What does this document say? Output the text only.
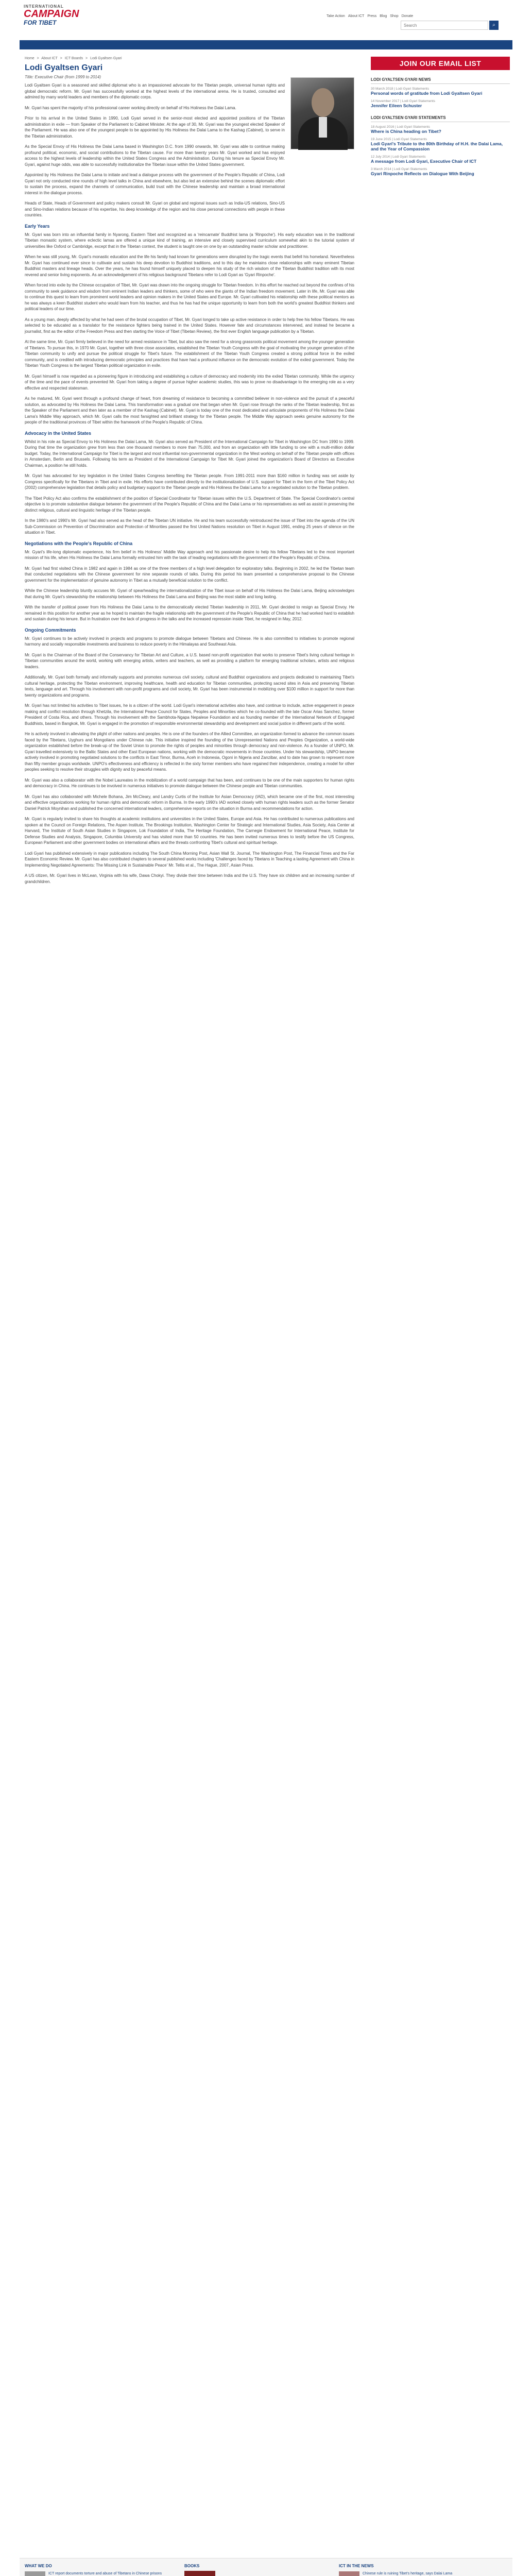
INTERNATIONAL
CAMPAIGN
FOR TIBET
Take Action About ICT Press Blog Shop Donate
Search
⌕
Home > About ICT > ICT Boards > Lodi Gyaltsen Gyari
Lodi Gyaltsen Gyari
Title: Executive Chair (from 1999 to 2014)

Lodi Gyaltsen Gyari is a seasoned and skilled diplomat who is an impassioned advocate for the Tibetan people, universal human rights and global democratic reform. Mr. Gyari has successfully worked at the highest levels of the international arena. He is trusted, consulted and admired by many world leaders and members of the diplomatic corps.

Mr. Gyari has spent the majority of his professional career working directly on behalf of His Holiness the Dalai Lama.

Prior to his arrival in the United States in 1990, Lodi Gyari served in the senior-most elected and appointed positions of the Tibetan administration in exile — from Speaker of the Parliament to Cabinet Minister. At the age of 30, Mr. Gyari was the youngest elected Speaker of the Parliament. He was also one of the youngest people to be appointed by His Holiness the Dalai Lama to the Kashag (Cabinet), to serve in the Tibetan administration.

As the Special Envoy of His Holiness the Dalai Lama based in Washington D.C. from 1990 onwards, Mr. Gyari was able to continue making profound political, economic, and social contributions to the Tibetan cause. For more than twenty years Mr. Gyari worked and has enjoyed access to the highest levels of leadership within the United States Congress and the Administration. During his tenure as Special Envoy Mr. Gyari, against huge odds, was able to successfully institutionalize the Tibetan issue within the United States government.

Appointed by His Holiness the Dalai Lama to initiate and lead a dialogue process with the government of the People's Republic of China, Lodi Gyari not only conducted nine rounds of high level talks in China and elsewhere, but also led an extensive behind the scenes diplomatic effort to sustain the process, expand the channels of communication, build trust with the Chinese leadership and maintain a broad international interest in the dialogue process.

Heads of State, Heads of Government and policy makers consult Mr. Gyari on global and regional issues such as India-US relations, Sino-US and Sino-Indian relations because of his expertise, his deep knowledge of the region and his close personal connections with people in these countries.

Early Years

Mr. Gyari was born into an influential family in Nyarong, Eastern Tibet and recognized as a 'reincarnate' Buddhist lama (a 'Rinpoche'). His early education was in the traditional Tibetan monastic system, where eclectic lamas are offered a unique kind of training, an intensive and closely supervised curriculum somewhat akin to the tutorial system of universities like Oxford or Cambridge, except that in the Tibetan context, the student is taught one on one by an outstanding master scholar and practitioner.

When he was still young, Mr. Gyari's monastic education and the life his family had known for generations were disrupted by the tragic events that befell his homeland. Nevertheless Mr. Gyari has continued ever since to cultivate and sustain his deep devotion to Buddhist traditions, and to this day he maintains close relationships with many eminent Tibetan Buddhist masters and lineage heads. Over the years, he has found himself uniquely placed to deepen his study of the rich wisdom of the Tibetan Buddhist tradition with its most revered and senior living exponents. As an acknowledgement of his religious background Tibetans refer to Lodi Gyari as 'Gyari Rinpoche'.

When forced into exile by the Chinese occupation of Tibet, Mr. Gyari was drawn into the ongoing struggle for Tibetan freedom. In this effort he reached out beyond the confines of his community to seek guidance and wisdom from eminent Indian leaders and thinkers, some of who were the giants of the Indian freedom movement. Later in life, Mr. Gyari was able to continue this quest to learn from prominent world leaders and opinion makers in the United States and Europe. Mr. Gyari cultivated his relationship with these political mentors as he was always a keen Buddhist student who would learn from his teacher, and thus he has had the unique opportunity to learn from both the world's greatest Buddhist thinkers and political leaders of our time.

As a young man, deeply affected by what he had seen of the brutal occupation of Tibet, Mr. Gyari longed to take up active resistance in order to help free his fellow Tibetans. He was selected to be educated as a translator for the resistance fighters being trained in the United States. However fate and circumstances intervened, and instead he became a journalist, first as the editor of the Freedom Press and then starting the Voice of Tibet (Tibetan Review), the first ever English language publication by a Tibetan.

At the same time, Mr. Gyari firmly believed in the need for armed resistance in Tibet, but also saw the need for a strong grassroots political movement among the younger generation of Tibetans. To pursue this, in 1970 Mr. Gyari, together with three close associates, established the Tibetan Youth Congress with the goal of motivating the younger generation of the Tibetan community to unify and pursue the political struggle for Tibet's future. The establishment of the Tibetan Youth Congress created a strong political force in the exiled community, and is credited with introducing democratic principles and practices that have had a profound influence on the democratic evolution of the exiled government. Today the Tibetan Youth Congress is the largest Tibetan political organization in exile.

Mr. Gyari himself is now regarded as a pioneering figure in introducing and establishing a culture of democracy and modernity into the exiled Tibetan community. While the urgency of the time and the pace of events prevented Mr. Gyari from taking a degree of pursue higher academic studies, this was to prove no disadvantage to the emerging role as a very effective and respected statesman.

As he matured, Mr. Gyari went through a profound change of heart, from dreaming of resistance to becoming a committed believer in non-violence and the pursuit of a peaceful solution, as advocated by His Holiness the Dalai Lama. This transformation was a gradual one that began when Mr. Gyari rose through the ranks of the Tibetan leadership, first as the Speaker of the Parliament and then later as a member of the Kashag (Cabinet). Mr. Gyari is today one of the most dedicated and articulate proponents of His Holiness the Dalai Lama's Middle Way approach, which Mr. Gyari calls the most farsighted and brilliant strategy for the Tibetan people. The Middle Way approach seeks genuine autonomy for the people of the traditional provinces of Tibet within the framework of the People's Republic of China.

Advocacy in the United States

Whilst in his role as Special Envoy to His Holiness the Dalai Lama, Mr. Gyari also served as President of the International Campaign for Tibet in Washington DC from 1990 to 1999. During that time the organization grew from less than one thousand members to more than 75,000, and from an organization with little funding to one with a multi-million dollar budget. Today, the International Campaign for Tibet is the largest and most influential non-governmental organization in the West working on behalf of the Tibetan people with offices in Amsterdam, Berlin and Brussels. Following his term as President of the International Campaign for Tibet Mr. Gyari joined the organization's Board of Directors as Executive Chairman, a position he still holds.

Mr. Gyari has advocated for key legislation in the United States Congress benefiting the Tibetan people. From 1991-2011 more than $160 million in funding was set aside by Congress specifically for the Tibetans in Tibet and in exile. His efforts have contributed directly to the institutionalization of U.S. support for Tibet in the form of the Tibet Policy Act (2002) comprehensive legislation that details policy and budgetary support to the Tibetan people and His Holiness the Dalai Lama for a negotiated solution to the Tibetan problem.

The Tibet Policy Act also confirms the establishment of the position of Special Coordinator for Tibetan issues within the U.S. Department of State. The Special Coordinator's central objective is to promote substantive dialogue between the government of the People's Republic of China and the Dalai Lama or his representatives as well as assist in preserving the distinct religious, cultural and linguistic heritage of the Tibetan people.

In the 1980's and 1990's Mr. Gyari had also served as the head of the Tibetan UN initiative. He and his team successfully reintroduced the issue of Tibet into the agenda of the UN Sub-Commission on Prevention of Discrimination and Protection of Minorities passed the first United Nations resolution on Tibet in August 1991, ending 25 years of silence on the situation in Tibet.

Negotiations with the People's Republic of China

Mr. Gyari's life-long diplomatic experience, his firm belief in His Holiness' Middle Way approach and his passionate desire to help his fellow Tibetans led to the most important mission of his life, when His Holiness the Dalai Lama formally entrusted him with the task of leading negotiations with the government of the People's Republic of China.

Mr. Gyari had first visited China in 1982 and again in 1984 as one of the three members of a high level delegation for exploratory talks. Beginning in 2002, he led the Tibetan team that conducted negotiations with the Chinese government for nine separate rounds of talks. During this period his team presented a comprehensive proposal to the Chinese government for the implementation of genuine autonomy in Tibet as a mutually beneficial solution to the conflict.

While the Chinese leadership bluntly accuses Mr. Gyari of spearheading the internationalization of the Tibet issue on behalf of His Holiness the Dalai Lama, Beijing acknowledges that during Mr. Gyari's stewardship the relationship between His Holiness the Dalai Lama and Beijing was the most stable and long lasting.

With the transfer of political power from His Holiness the Dalai Lama to the democratically elected Tibetan leadership in 2011, Mr. Gyari decided to resign as Special Envoy. He remained in this position for another year as he hoped to maintain the fragile relationship with the government of the People's Republic of China that he had worked hard to establish and sustain during his tenure. But in frustration over the lack of progress in the talks and the increased repression inside Tibet, he resigned in May, 2012.

Ongoing Commitments

Mr. Gyari continues to be actively involved in projects and programs to promote dialogue between Tibetans and Chinese. He is also committed to initiatives to promote regional harmony and socially responsible investments and business to reduce poverty in the Himalayas and Southeast Asia.

Mr. Gyari is the Chairman of the Board of the Conservancy for Tibetan Art and Culture, a U.S. based non-profit organization that works to preserve Tibet's living cultural heritage in Tibetan communities around the world, working with emerging artists, writers and teachers, as well as providing a platform for emerging traditional scholars, artists and religious leaders.

Additionally, Mr. Gyari both formally and informally supports and promotes numerous civil society, cultural and Buddhist organizations and projects dedicated to maintaining Tibet's cultural heritage, protecting the Tibetan environment, improving healthcare, health and education for Tibetan communities, protecting sacred sites in Asia and preserving Tibetan texts, language and art. Through his involvement with non-profit programs and civil society, Mr. Gyari has been instrumental in mobilizing over $100 million in support for more than twenty organizations and programs.

Mr. Gyari has not limited his activities to Tibet issues, he is a citizen of the world. Lodi Gyari's international activities also have, and continue to include, active engagement in peace making and conflict resolution through Khetzila, the International Peace Council for States, Peoples and Minorities which he co-founded with the late Oscar Arias Sanchez, former President of Costa Rica, and others. Through his involvement with the Sambhota-Ngapa Nepalese Foundation and as founding member of the International Network of Engaged Buddhists, based in Bangkok, Mr. Gyari is engaged in the promotion of responsible environmental stewardship and development and social justice in different parts of the world.

He is actively involved in alleviating the plight of other nations and peoples. He is one of the founders of the Allied Committee, an organization formed to advance the common issues faced by the Tibetans, Uyghurs and Mongolians under Chinese rule. This initiative inspired the founding of the Unrepresented Nations and Peoples Organization, a world-wide organization established before the break-up of the Soviet Union to promote the rights of peoples and minorities through democracy and non-violence. As a founder of UNPO, Mr. Gyari travelled extensively to the Baltic States and other East European nations, working with the democratic movements in those countries. Under his stewardship, UNPO became actively involved in promoting negotiated solutions to the conflicts in East Timor, Burma, Aceh in Indonesia, Ogoni in Nigeria and Zanzibar, and to date has grown to represent more than fifty member groups worldwide. UNPO's effectiveness and efficiency is reflected in the sixty former members who have regained their independence, creating a model for other peoples seeking to resolve their struggles with dignity and by peaceful means.

Mr. Gyari was also a collaborator with the Nobel Laureates in the mobilization of a world campaign that has been, and continues to be one of the main supporters for human rights and democracy in China. He continues to be involved in numerous initiatives to promote dialogue between the Chinese people and Tibetan communities.

Mr. Gyari has also collaborated with Michele Bohana, Jim McCleary, and Landry Curtis of the Institute for Asian Democracy (IAD), which became one of the first, most interesting and effective organizations working for human rights and democratic reform in Burma. In the early 1990's IAD worked closely with human rights leaders such as the former Senator Daniel Patrick Moynihan and published the concerned international leaders, comprehensive reports on the situation in Burma and recommendations for action.

Mr. Gyari is regularly invited to share his thoughts at academic institutions and universities in the United States, Europe and Asia. He has contributed to numerous publications and spoken at the Council on Foreign Relations, The Aspen Institute, The Brookings Institution, Washington Center for Strategic and International Studies, Asia Society, Asia Center at Harvard, The Institute of South Asian Studies in Singapore, Lok Foundation of India, The Heritage Foundation, The Carnegie Endowment for International Peace, Institute for Defense Studies and Analysis, Singapore, Columbia University and has visited more than 50 countries. He has been invited numerous times to testify before the US Congress, European Parliament and other government bodies on international affairs and the threats confronting Tibet's cultural and spiritual heritage.

Lodi Gyari has published extensively in major publications including The South China Morning Post, Asian Wall St. Journal, The Washington Post, The Financial Times and the Far Eastern Economic Review. Mr. Gyari has also contributed chapters to several published works including 'Challenges faced by Tibetans in Teaching a lasting Agreement with China in Implementing Negotiated Agreements: The Missing Link in Sustainable Peace' Mr. Tellis et al., The Hague, 2007, Asian Press.

A US citizen, Mr. Gyari lives in McLean, Virginia with his wife, Dawa Chokyi. They divide their time between India and the U.S. They have six children and an increasing number of grandchildren.

JOIN OUR EMAIL LIST
LODI GYALTSEN GYARI NEWS
30 March 2018 | Lodi Gyari Statements
Personal words of gratitude from Lodi Gyaltsen Gyari
14 November 2017 | Lodi Gyari Statements
Jennifer Eileen Schuster
LODI GYALTSEN GYARI STATEMENTS
18 August 2016 | Lodi Gyari Statements
Where is China heading on Tibet?
19 June 2015 | Lodi Gyari Statements
Lodi Gyari's Tribute to the 80th Birthday of H.H. the Dalai Lama, and the Year of Compassion
12 July 2014 | Lodi Gyari Statements
A message from Lodi Gyari, Executive Chair of ICT
3 March 2014 | Lodi Gyari Statements
Gyari Rinpoche Reflects on Dialogue With Beijing
WHAT WE DO
ICT report documents torture and abuse of Tibetans in Chinese prisons
BOOKS	ICT IN THE NEWS
Chinese rule is ruining Tibet's heritage, says Dalai Lama
